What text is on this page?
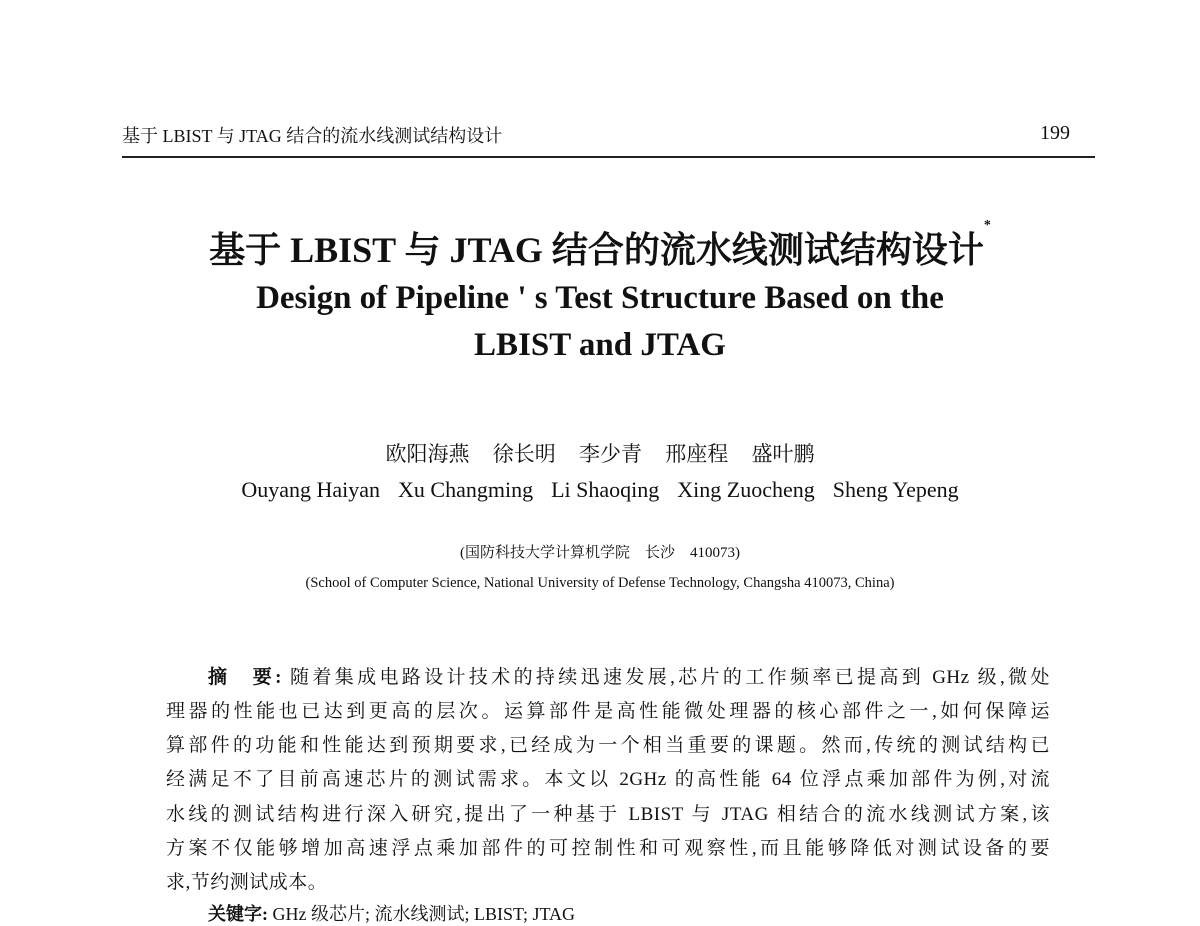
基于 LBIST 与 JTAG 结合的流水线测试结构设计	199
基于 LBIST 与 JTAG 结合的流水线测试结构设计*
Design of Pipeline ' s Test Structure Based on the
LBIST and JTAG
欧阳海燕 徐长明 李少青 邢座程 盛叶鹏
Ouyang Haiyan Xu Changming Li Shaoqing Xing Zuocheng Sheng Yepeng
(国防科技大学计算机学院　长沙　410073)
(School of Computer Science, National University of Defense Technology, Changsha 410073, China)
摘　要: 随着集成电路设计技术的持续迅速发展,芯片的工作频率已提高到 GHz 级,微处
理器的性能也已达到更高的层次。运算部件是高性能微处理器的核心部件之一,如何保障运
算部件的功能和性能达到预期要求,已经成为一个相当重要的课题。然而,传统的测试结构已
经满足不了目前高速芯片的测试需求。本文以 2GHz 的高性能 64 位浮点乘加部件为例,对流
水线的测试结构进行深入研究,提出了一种基于 LBIST 与 JTAG 相结合的流水线测试方案,该
方案不仅能够增加高速浮点乘加部件的可控制性和可观察性,而且能够降低对测试设备的要
求,节约测试成本。
关键字: GHz 级芯片; 流水线测试; LBIST; JTAG
